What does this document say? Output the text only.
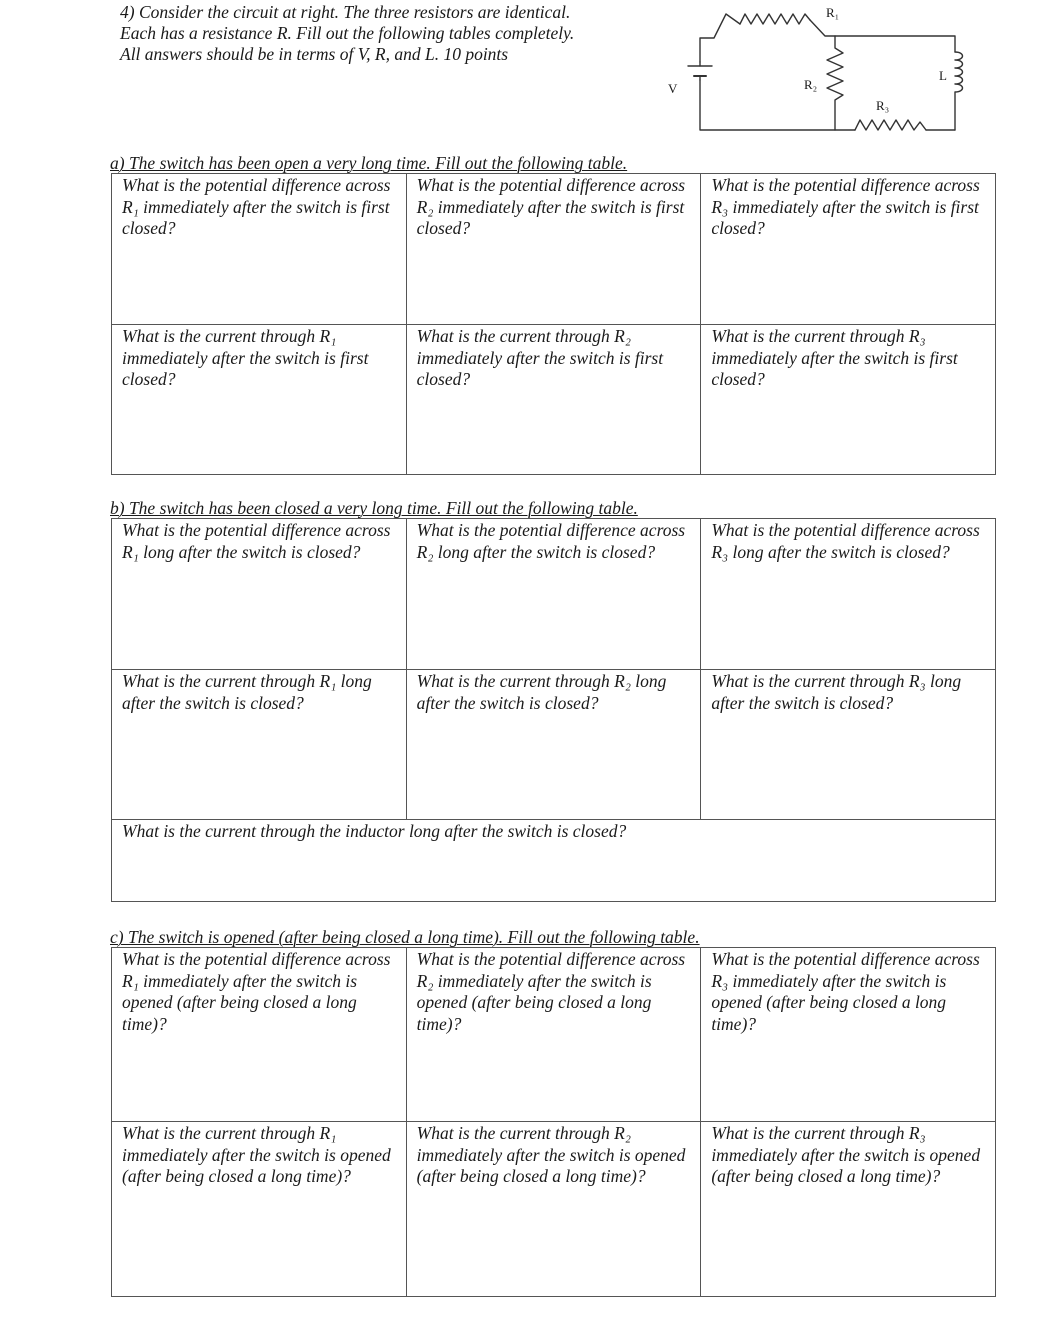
4) Consider the circuit at right. The three resistors are identical.

Each has a resistance R. Fill out the following tables completely.

All answers should be in terms of V, R, and L. 10 points

V
R₁
R₂
R₃
L
a) The switch has been open a very long time. Fill out the following table.
What is the potential difference across R₁ immediately after the switch is first closed?	What is the potential difference across R₂ immediately after the switch is first closed?	What is the potential difference across R₃ immediately after the switch is first closed?

What is the current through R₁ immediately after the switch is first closed?	What is the current through R₂ immediately after the switch is first closed?	What is the current through R₃ immediately after the switch is first closed?
b) The switch has been closed a very long time. Fill out the following table.
What is the potential difference across R₁ long after the switch is closed?	What is the potential difference across R₂ long after the switch is closed?	What is the potential difference across R₃ long after the switch is closed?

What is the current through R₁ long after the switch is closed?	What is the current through R₂ long after the switch is closed?	What is the current through R₃ long after the switch is closed?

What is the current through the inductor long after the switch is closed?		
c) The switch is opened (after being closed a long time). Fill out the following table.
What is the potential difference across R₁ immediately after the switch is opened (after being closed a long time)?	What is the potential difference across R₂ immediately after the switch is opened (after being closed a long time)?	What is the potential difference across R₃ immediately after the switch is opened (after being closed a long time)?

What is the current through R₁ immediately after the switch is opened (after being closed a long time)?	What is the current through R₂ immediately after the switch is opened (after being closed a long time)?	What is the current through R₃ immediately after the switch is opened (after being closed a long time)?
